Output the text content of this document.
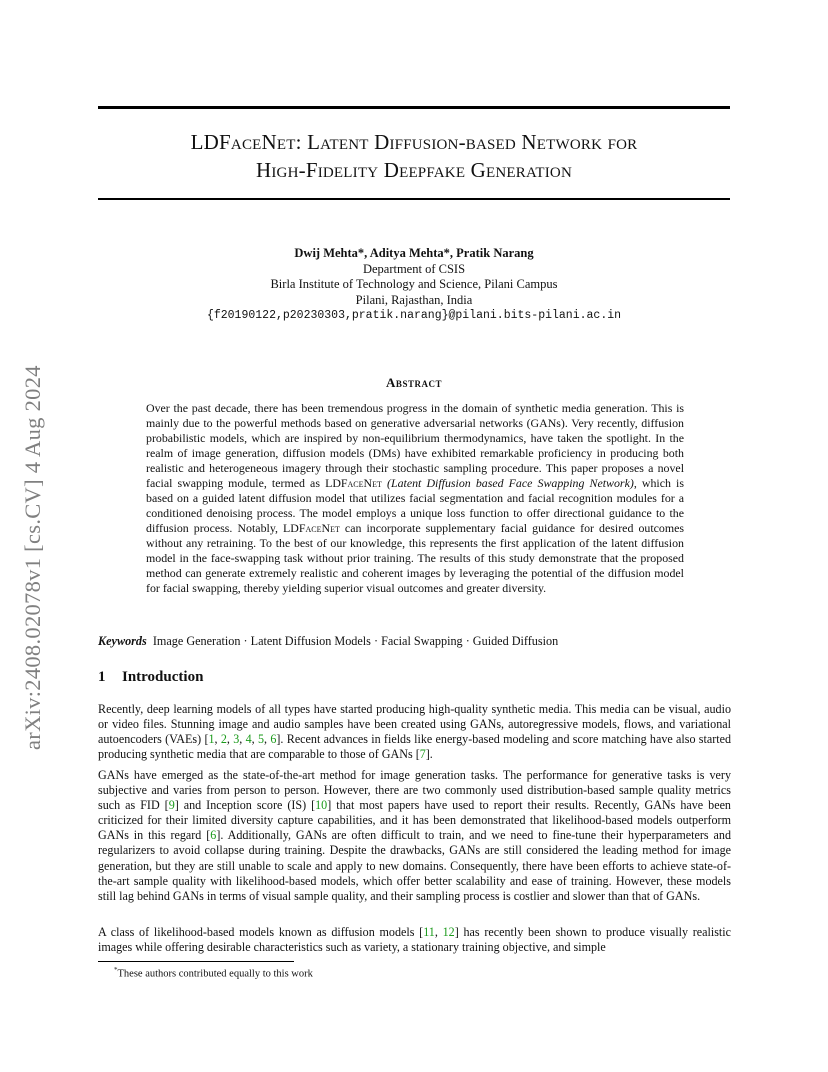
arXiv:2408.02078v1 [cs.CV] 4 Aug 2024
LDFaceNet: Latent Diffusion-based Network for
High-Fidelity Deepfake Generation
Dwij Mehta*, Aditya Mehta*, Pratik Narang
Department of CSIS
Birla Institute of Technology and Science, Pilani Campus
Pilani, Rajasthan, India
{f20190122,p20230303,pratik.narang}@pilani.bits-pilani.ac.in
Abstract
Over the past decade, there has been tremendous progress in the domain of synthetic media generation. This is mainly due to the powerful methods based on generative adversarial networks (GANs). Very recently, diffusion probabilistic models, which are inspired by non-equilibrium thermodynamics, have taken the spotlight. In the realm of image generation, diffusion models (DMs) have exhibited remarkable proficiency in producing both realistic and heterogeneous imagery through their stochastic sampling procedure. This paper proposes a novel facial swapping module, termed as LDFaceNet (Latent Diffusion based Face Swapping Network), which is based on a guided latent diffusion model that utilizes facial segmentation and facial recognition modules for a conditioned denoising process. The model employs a unique loss function to offer directional guidance to the diffusion process. Notably, LDFaceNet can incorporate supplementary facial guidance for desired outcomes without any retraining. To the best of our knowledge, this represents the first application of the latent diffusion model in the face-swapping task without prior training. The results of this study demonstrate that the proposed method can generate extremely realistic and coherent images by leveraging the potential of the diffusion model for facial swapping, thereby yielding superior visual outcomes and greater diversity.
Keywords Image Generation · Latent Diffusion Models · Facial Swapping · Guided Diffusion
1 Introduction
Recently, deep learning models of all types have started producing high-quality synthetic media. This media can be visual, audio or video files. Stunning image and audio samples have been created using GANs, autoregressive models, flows, and variational autoencoders (VAEs) [1, 2, 3, 4, 5, 6]. Recent advances in fields like energy-based modeling and score matching have also started producing synthetic media that are comparable to those of GANs [7].
GANs have emerged as the state-of-the-art method for image generation tasks. The performance for generative tasks is very subjective and varies from person to person. However, there are two commonly used distribution-based sample quality metrics such as FID [9] and Inception score (IS) [10] that most papers have used to report their results. Recently, GANs have been criticized for their limited diversity capture capabilities, and it has been demonstrated that likelihood-based models outperform GANs in this regard [6]. Additionally, GANs are often difficult to train, and we need to fine-tune their hyperparameters and regularizers to avoid collapse during training. Despite the drawbacks, GANs are still considered the leading method for image generation, but they are still unable to scale and apply to new domains. Consequently, there have been efforts to achieve state-of-the-art sample quality with likelihood-based models, which offer better scalability and ease of training. However, these models still lag behind GANs in terms of visual sample quality, and their sampling process is costlier and slower than that of GANs.
A class of likelihood-based models known as diffusion models [11, 12] has recently been shown to produce visually realistic images while offering desirable characteristics such as variety, a stationary training objective, and simple
*These authors contributed equally to this work
